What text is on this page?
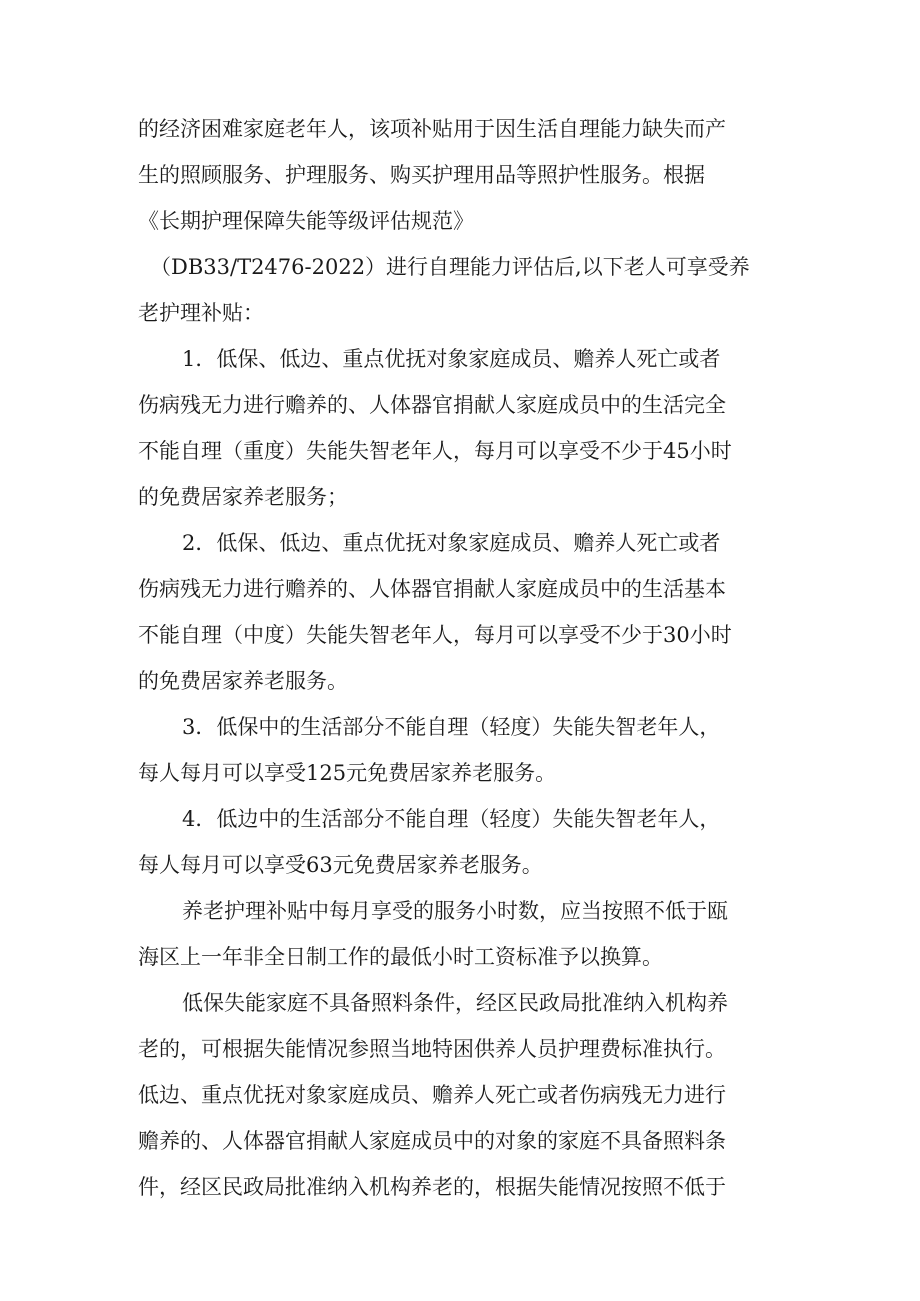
的经济困难家庭老年人，该项补贴用于因生活自理能力缺失而产
生的照顾服务、护理服务、购买护理用品等照护性服务。根据
《长期护理保障失能等级评估规范》
（DB33/T2476-2022）进行自理能力评估后,以下老人可享受养
老护理补贴：
1．低保、低边、重点优抚对象家庭成员、赡养人死亡或者
伤病残无力进行赡养的、人体器官捐献人家庭成员中的生活完全
不能自理（重度）失能失智老年人，每月可以享受不少于45小时
的免费居家养老服务；
2．低保、低边、重点优抚对象家庭成员、赡养人死亡或者
伤病残无力进行赡养的、人体器官捐献人家庭成员中的生活基本
不能自理（中度）失能失智老年人，每月可以享受不少于30小时
的免费居家养老服务。
3．低保中的生活部分不能自理（轻度）失能失智老年人，
每人每月可以享受125元免费居家养老服务。
4．低边中的生活部分不能自理（轻度）失能失智老年人，
每人每月可以享受63元免费居家养老服务。
养老护理补贴中每月享受的服务小时数，应当按照不低于瓯
海区上一年非全日制工作的最低小时工资标准予以换算。
低保失能家庭不具备照料条件，经区民政局批准纳入机构养
老的，可根据失能情况参照当地特困供养人员护理费标准执行。
低边、重点优抚对象家庭成员、赡养人死亡或者伤病残无力进行
赡养的、人体器官捐献人家庭成员中的对象的家庭不具备照料条
件，经区民政局批准纳入机构养老的，根据失能情况按照不低于
